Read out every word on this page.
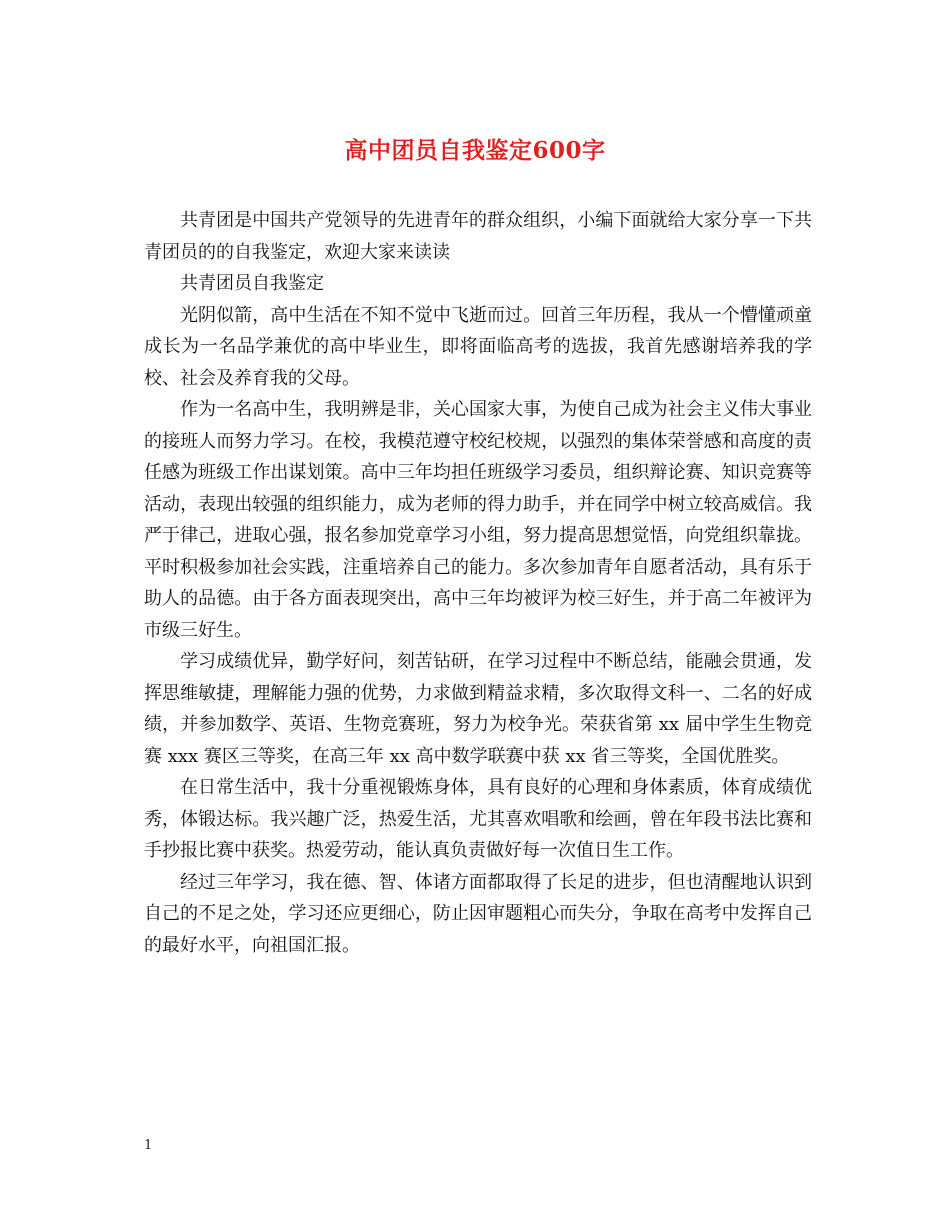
高中团员自我鉴定600字

共青团是中国共产党领导的先进青年的群众组织，小编下面就给大家分享一下共青团员的的自我鉴定，欢迎大家来读读

共青团员自我鉴定

光阴似箭，高中生活在不知不觉中飞逝而过。回首三年历程，我从一个懵懂顽童成长为一名品学兼优的高中毕业生，即将面临高考的选拔，我首先感谢培养我的学校、社会及养育我的父母。

作为一名高中生，我明辨是非，关心国家大事，为使自己成为社会主义伟大事业的接班人而努力学习。在校，我模范遵守校纪校规，以强烈的集体荣誉感和高度的责任感为班级工作出谋划策。高中三年均担任班级学习委员，组织辩论赛、知识竞赛等活动，表现出较强的组织能力，成为老师的得力助手，并在同学中树立较高威信。我严于律己，进取心强，报名参加党章学习小组，努力提高思想觉悟，向党组织靠拢。平时积极参加社会实践，注重培养自己的能力。多次参加青年自愿者活动，具有乐于助人的品德。由于各方面表现突出，高中三年均被评为校三好生，并于高二年被评为市级三好生。

学习成绩优异，勤学好问，刻苦钻研，在学习过程中不断总结，能融会贯通，发挥思维敏捷，理解能力强的优势，力求做到精益求精，多次取得文科一、二名的好成绩，并参加数学、英语、生物竞赛班，努力为校争光。荣获省第 xx 届中学生生物竞赛 xxx 赛区三等奖，在高三年 xx 高中数学联赛中获 xx 省三等奖，全国优胜奖。

在日常生活中，我十分重视锻炼身体，具有良好的心理和身体素质，体育成绩优秀，体锻达标。我兴趣广泛，热爱生活，尤其喜欢唱歌和绘画，曾在年段书法比赛和手抄报比赛中获奖。热爱劳动，能认真负责做好每一次值日生工作。

经过三年学习，我在德、智、体诸方面都取得了长足的进步，但也清醒地认识到自己的不足之处，学习还应更细心，防止因审题粗心而失分，争取在高考中发挥自己的最好水平，向祖国汇报。

1
